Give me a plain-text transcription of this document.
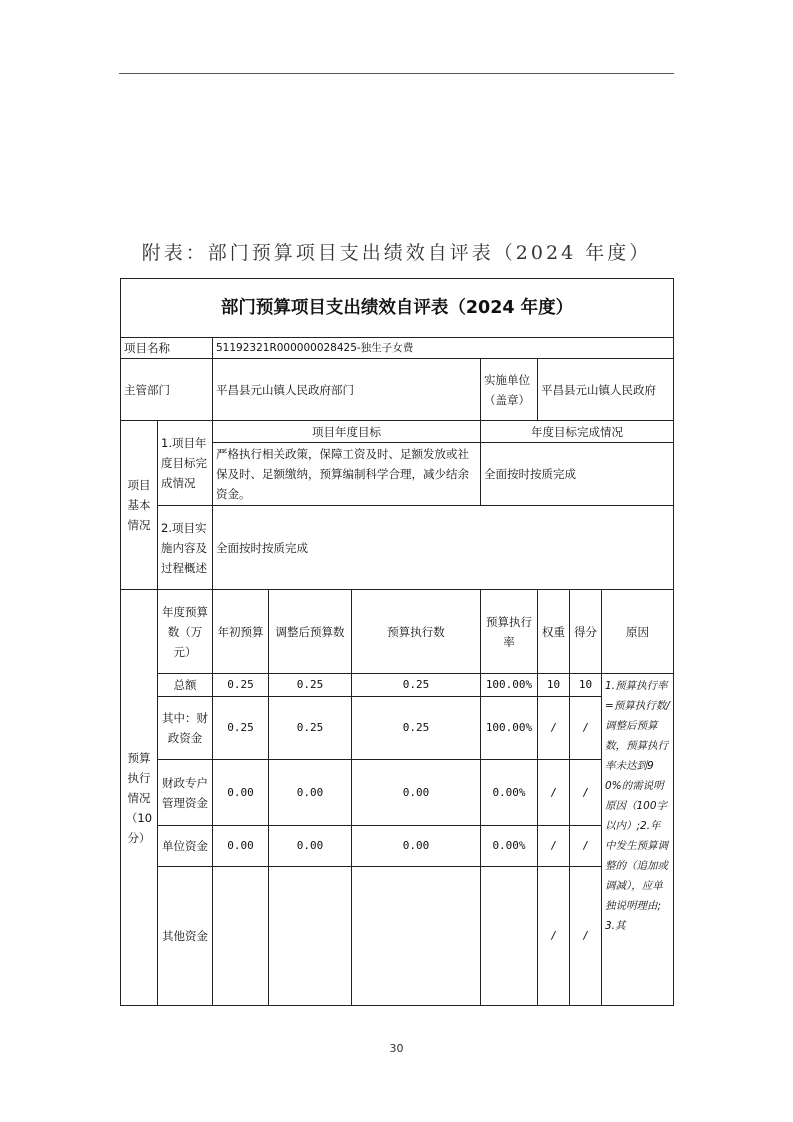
附表：部门预算项目支出绩效自评表（2024 年度）
部门预算项目支出绩效自评表（2024 年度）								
项目名称		51192321R000000028425-独生子女费						
主管部门		平昌县元山镇人民政府部门			实施单位（盖章）	平昌县元山镇人民政府		
项目基本情况	1.项目年度目标完成情况	项目年度目标			年度目标完成情况			
		严格执行相关政策，保障工资及时、足额发放或社保及时、足额缴纳，预算编制科学合理，减少结余资金。			全面按时按质完成			
	2.项目实施内容及过程概述	全面按时按质完成						
预算执行情况（10分）	年度预算数（万元）	年初预算	调整后预算数	预算执行数	预算执行率	权重	得分	原因
	总额	0.25	0.25	0.25	100.00%	10	10	1.预算执行率=预算执行数/调整后预算数，预算执行率未达到90%的需说明原因（100字以内）;2.年中发生预算调整的（追加或调减），应单独说明理由;3.其
	其中：财政资金	0.25	0.25	0.25	100.00%	/	/	
	财政专户管理资金	0.00	0.00	0.00	0.00%	/	/	
	单位资金	0.00	0.00	0.00	0.00%	/	/	
	其他资金					/	/	
30
